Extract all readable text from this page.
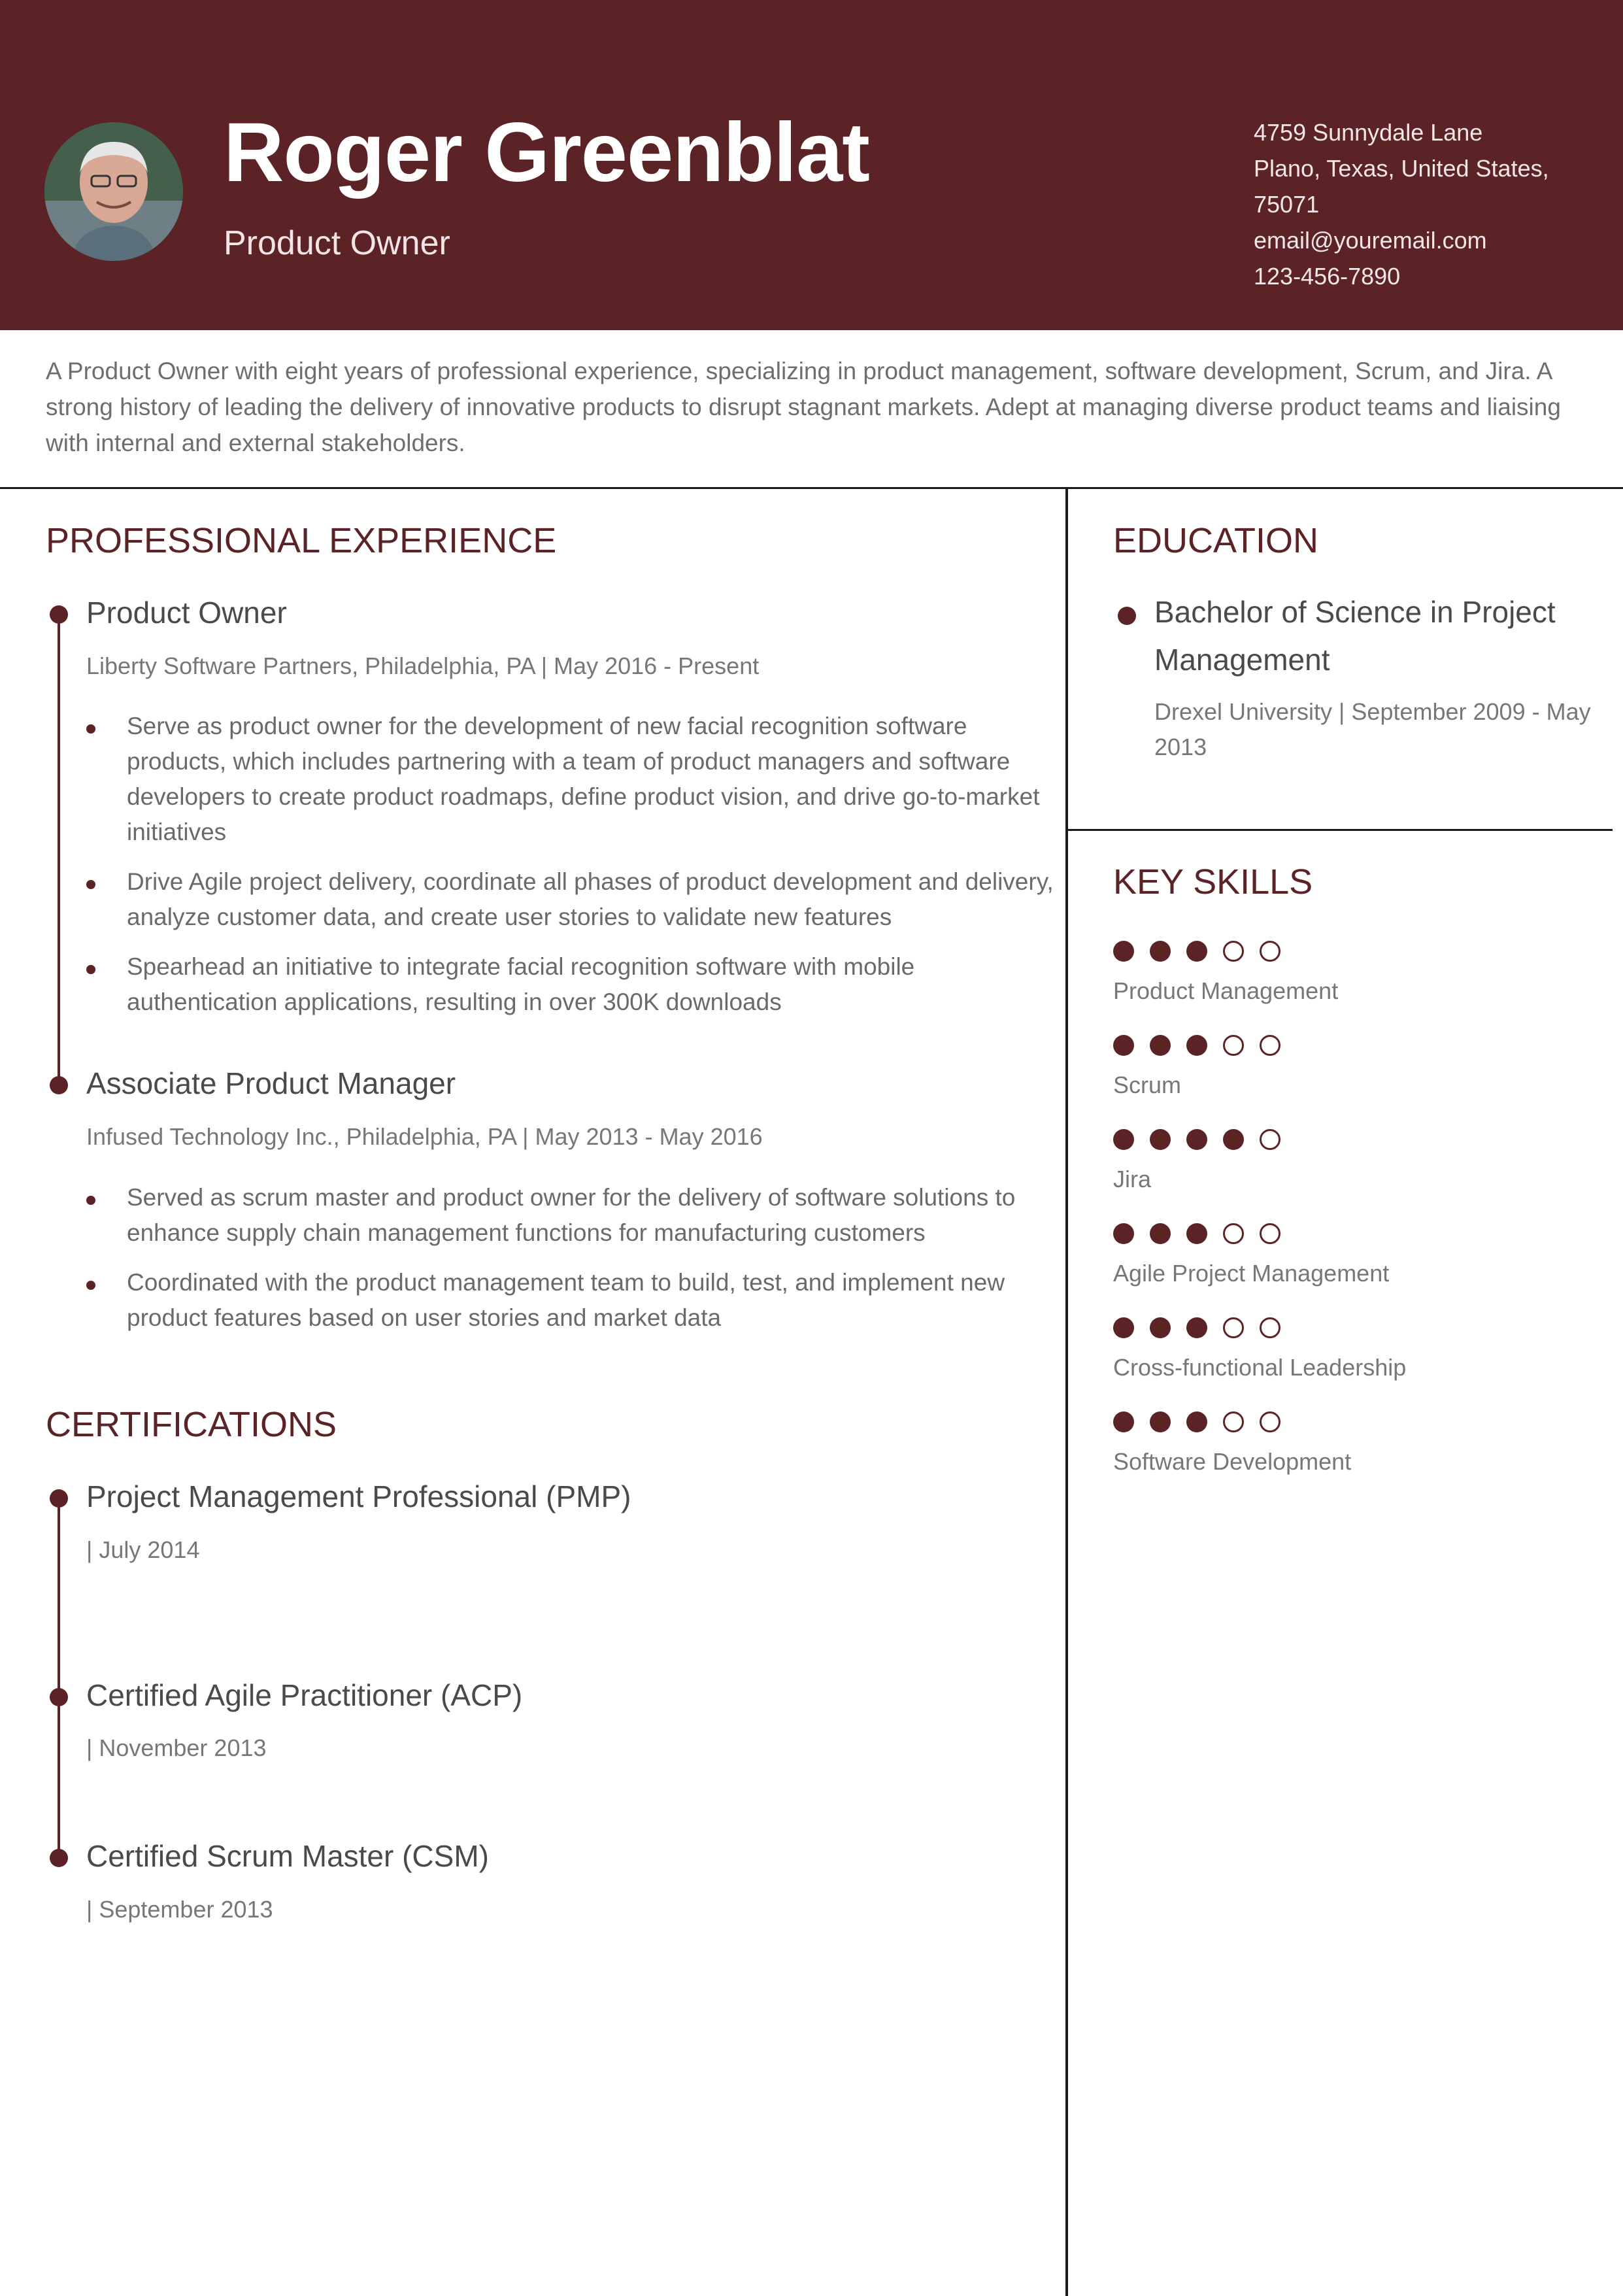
Roger Greenblat
Product Owner
4759 Sunnydale Lane
Plano, Texas, United States,
75071
email@youremail.com
123-456-7890
A Product Owner with eight years of professional experience, specializing in product management, software development, Scrum, and Jira. A strong history of leading the delivery of innovative products to disrupt stagnant markets. Adept at managing diverse product teams and liaising with internal and external stakeholders.
PROFESSIONAL EXPERIENCE
Product Owner
Liberty Software Partners, Philadelphia, PA | May 2016 - Present
Serve as product owner for the development of new facial recognition software products, which includes partnering with a team of product managers and software developers to create product roadmaps, define product vision, and drive go-to-market initiatives
Drive Agile project delivery, coordinate all phases of product development and delivery, analyze customer data, and create user stories to validate new features
Spearhead an initiative to integrate facial recognition software with mobile authentication applications, resulting in over 300K downloads
Associate Product Manager
Infused Technology Inc., Philadelphia, PA | May 2013 - May 2016
Served as scrum master and product owner for the delivery of software solutions to enhance supply chain management functions for manufacturing customers
Coordinated with the product management team to build, test, and implement new product features based on user stories and market data
CERTIFICATIONS
Project Management Professional (PMP)
| July 2014
Certified Agile Practitioner (ACP)
| November 2013
Certified Scrum Master (CSM)
| September 2013
EDUCATION
Bachelor of Science in Project Management
Drexel University | September 2009 - May 2013
KEY SKILLS
Product Management
Scrum
Jira
Agile Project Management
Cross-functional Leadership
Software Development
